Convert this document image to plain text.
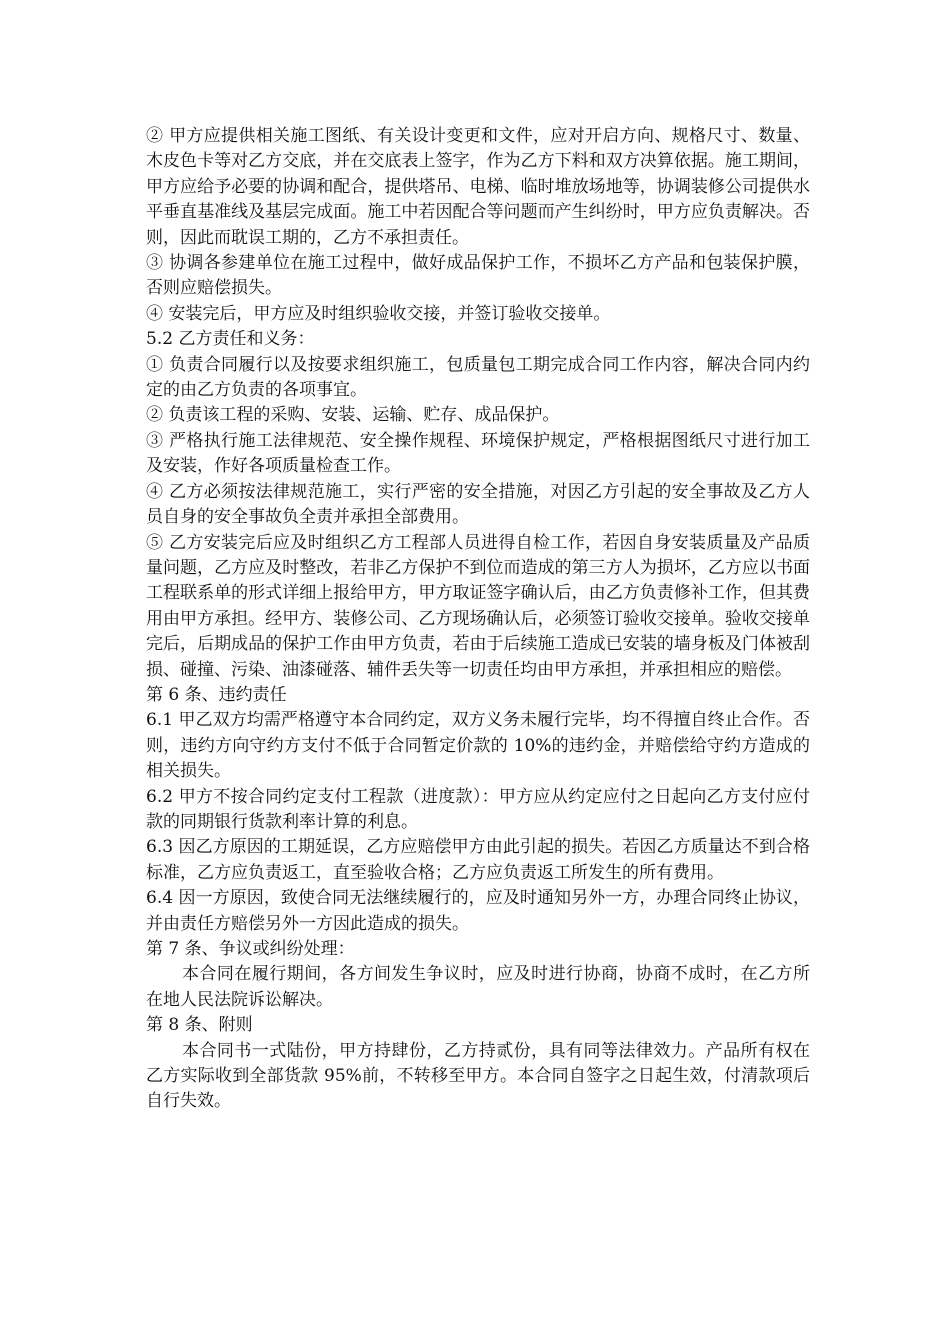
② 甲方应提供相关施工图纸、有关设计变更和文件，应对开启方向、规格尺寸、数量、木皮色卡等对乙方交底，并在交底表上签字，作为乙方下料和双方决算依据。施工期间，甲方应给予必要的协调和配合，提供塔吊、电梯、临时堆放场地等，协调装修公司提供水平垂直基准线及基层完成面。施工中若因配合等问题而产生纠纷时，甲方应负责解决。否则，因此而耽误工期的，乙方不承担责任。

③ 协调各参建单位在施工过程中，做好成品保护工作，不损坏乙方产品和包装保护膜，否则应赔偿损失。

④ 安装完后，甲方应及时组织验收交接，并签订验收交接单。

5.2 乙方责任和义务：

① 负责合同履行以及按要求组织施工，包质量包工期完成合同工作内容，解决合同内约定的由乙方负责的各项事宜。

② 负责该工程的采购、安装、运输、贮存、成品保护。

③ 严格执行施工法律规范、安全操作规程、环境保护规定，严格根据图纸尺寸进行加工及安装，作好各项质量检查工作。

④ 乙方必须按法律规范施工，实行严密的安全措施，对因乙方引起的安全事故及乙方人员自身的安全事故负全责并承担全部费用。

⑤ 乙方安装完后应及时组织乙方工程部人员进得自检工作，若因自身安装质量及产品质量问题，乙方应及时整改，若非乙方保护不到位而造成的第三方人为损坏，乙方应以书面工程联系单的形式详细上报给甲方，甲方取证签字确认后，由乙方负责修补工作，但其费用由甲方承担。经甲方、装修公司、乙方现场确认后，必须签订验收交接单。验收交接单完后，后期成品的保护工作由甲方负责，若由于后续施工造成已安装的墙身板及门体被刮损、碰撞、污染、油漆碰落、辅件丢失等一切责任均由甲方承担，并承担相应的赔偿。

第 6 条、违约责任

6.1 甲乙双方均需严格遵守本合同约定，双方义务未履行完毕，均不得擅自终止合作。否则，违约方向守约方支付不低于合同暂定价款的 10%的违约金，并赔偿给守约方造成的相关损失。

6.2 甲方不按合同约定支付工程款（进度款）：甲方应从约定应付之日起向乙方支付应付款的同期银行货款利率计算的利息。

6.3 因乙方原因的工期延误，乙方应赔偿甲方由此引起的损失。若因乙方质量达不到合格标准，乙方应负责返工，直至验收合格；乙方应负责返工所发生的所有费用。

6.4 因一方原因，致使合同无法继续履行的，应及时通知另外一方，办理合同终止协议，并由责任方赔偿另外一方因此造成的损失。

第 7 条、争议或纠纷处理：

本合同在履行期间，各方间发生争议时，应及时进行协商，协商不成时，在乙方所在地人民法院诉讼解决。

第 8 条、附则

本合同书一式陆份，甲方持肆份，乙方持贰份，具有同等法律效力。产品所有权在乙方实际收到全部货款 95%前，不转移至甲方。本合同自签字之日起生效，付清款项后自行失效。
